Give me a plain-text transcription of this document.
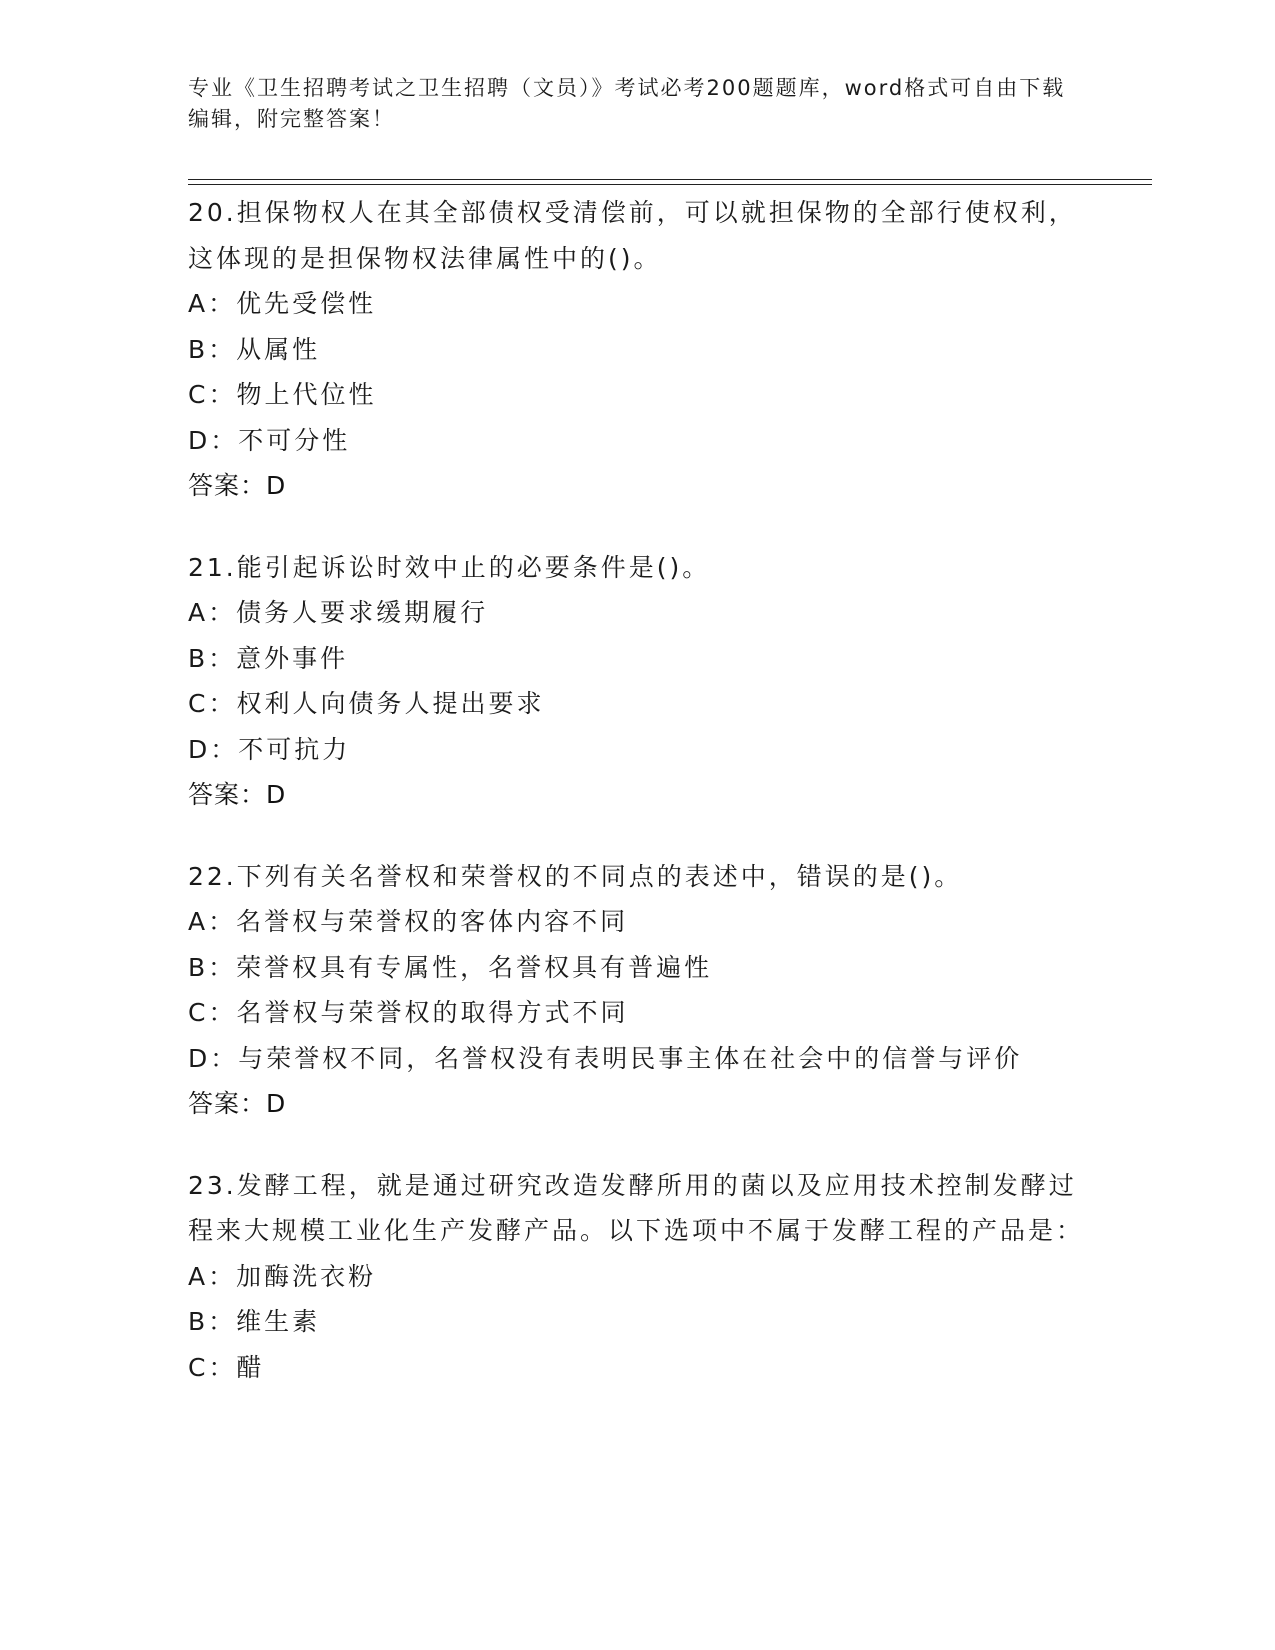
专业《卫生招聘考试之卫生招聘（文员）》考试必考200题题库，word格式可自由下载编辑，附完整答案！
20.担保物权人在其全部债权受清偿前，可以就担保物的全部行使权利，这体现的是担保物权法律属性中的()。
A：优先受偿性
B：从属性
C：物上代位性
D：不可分性
答案：D
21.能引起诉讼时效中止的必要条件是()。
A：债务人要求缓期履行
B：意外事件
C：权利人向债务人提出要求
D：不可抗力
答案：D
22.下列有关名誉权和荣誉权的不同点的表述中，错误的是()。
A：名誉权与荣誉权的客体内容不同
B：荣誉权具有专属性，名誉权具有普遍性
C：名誉权与荣誉权的取得方式不同
D：与荣誉权不同，名誉权没有表明民事主体在社会中的信誉与评价
答案：D
23.发酵工程，就是通过研究改造发酵所用的菌以及应用技术控制发酵过程来大规模工业化生产发酵产品。以下选项中不属于发酵工程的产品是：
A：加酶洗衣粉
B：维生素
C：醋
